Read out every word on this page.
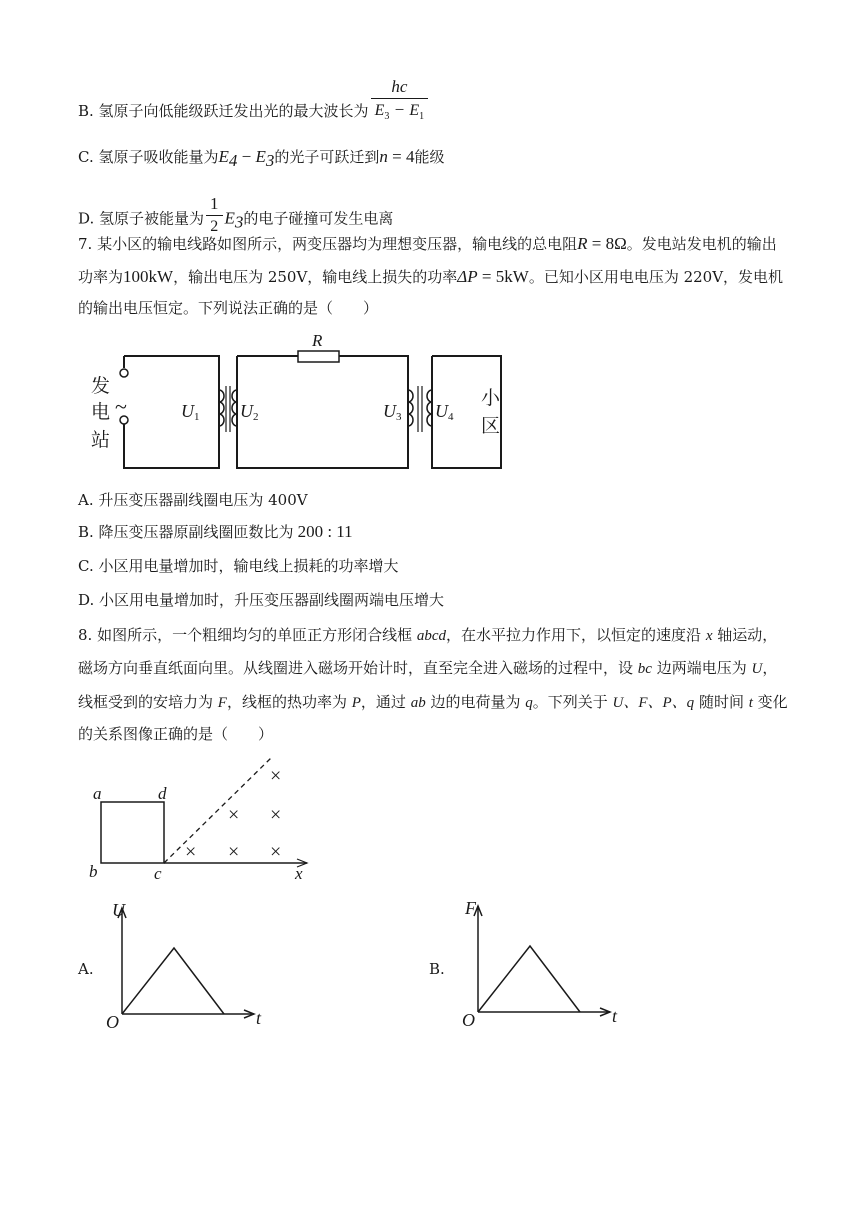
B. 氢原子向低能级跃迁发出光的最大波长为 $\frac{hc}{E_3 - E_1}$
C. 氢原子吸收能量为$E_4 - E_3$的光子可跃迁到n = 4能级
D. 氢原子被能量为 $\frac{1}{2} E_3$的电子碰撞可发生电离
7. 某小区的输电线路如图所示，两变压器均为理想变压器，输电线的总电阻R = 8Ω。发电站发电机的输出
功率为100kW，输出电压为 250V，输电线上损失的功率ΔP = 5kW。已知小区用电电压为 220V，发电机
的输出电压恒定。下列说法正确的是（　　）
R
发
电
站
小
区
~	U1 U2	U3 U4
A. 升压变压器副线圈电压为 400V
B. 降压变压器原副线圈匝数比为 200 : 11
C. 小区用电量增加时，输电线上损耗的功率增大
D. 小区用电量增加时，升压变压器副线圈两端电压增大
8. 如图所示，一个粗细均匀的单匝正方形闭合线框 abcd，在水平拉力作用下，以恒定的速度沿 x 轴运动，
磁场方向垂直纸面向里。从线圈进入磁场开始计时，直至完全进入磁场的过程中，设 bc 边两端电压为 U，
线框受到的安培力为 F，线框的热功率为 P，通过 ab 边的电荷量为 q。下列关于 U、F、P、q 随时间 t 变化
的关系图像正确的是（　　）
a	d
b	c	x
×
× ×
× × ×
A.
U
t
O
B.
F
t
O
